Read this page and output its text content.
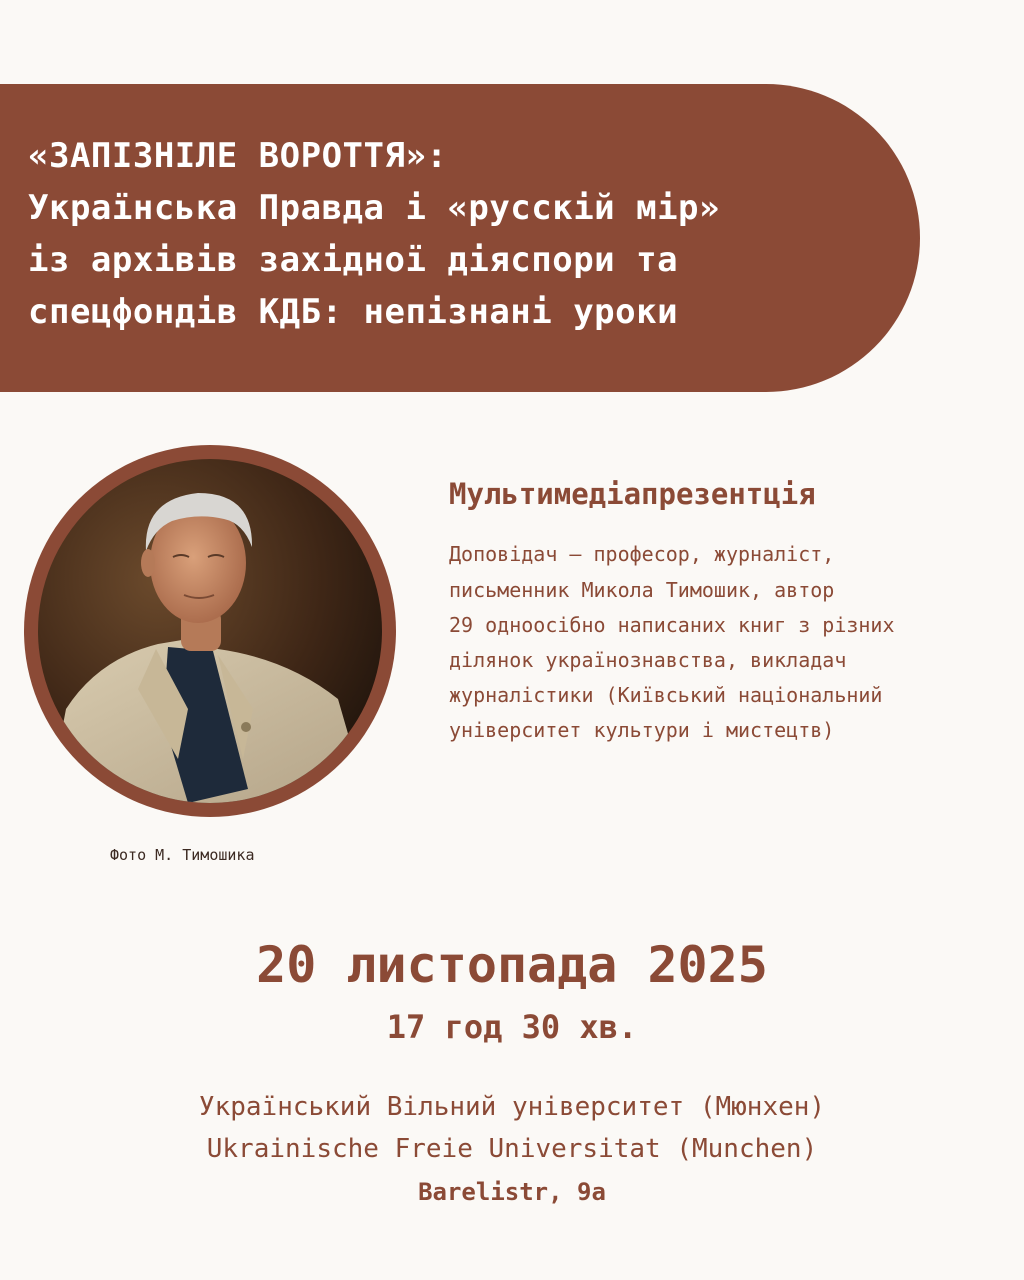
«ЗАПІЗНІЛЕ ВОРОТТЯ»:
Українська Правда і «русскій мір»
із архівів західної діяспори та
спецфондів КДБ: непізнані уроки
Фото М. Тимошика
Мультимедіапрезентція
Доповідач – професор, журналіст,
письменник Микола Тимошик, автор
29 одноосібно написаних книг з різних
ділянок українознавства, викладач
журналістики (Київський національний
університет культури і мистецтв)
20 листопада 2025
17 год 30 хв.
Український Вільний університет (Мюнхен)
Ukrainische Freie Universitat (Munchen)
Barelistr, 9a
